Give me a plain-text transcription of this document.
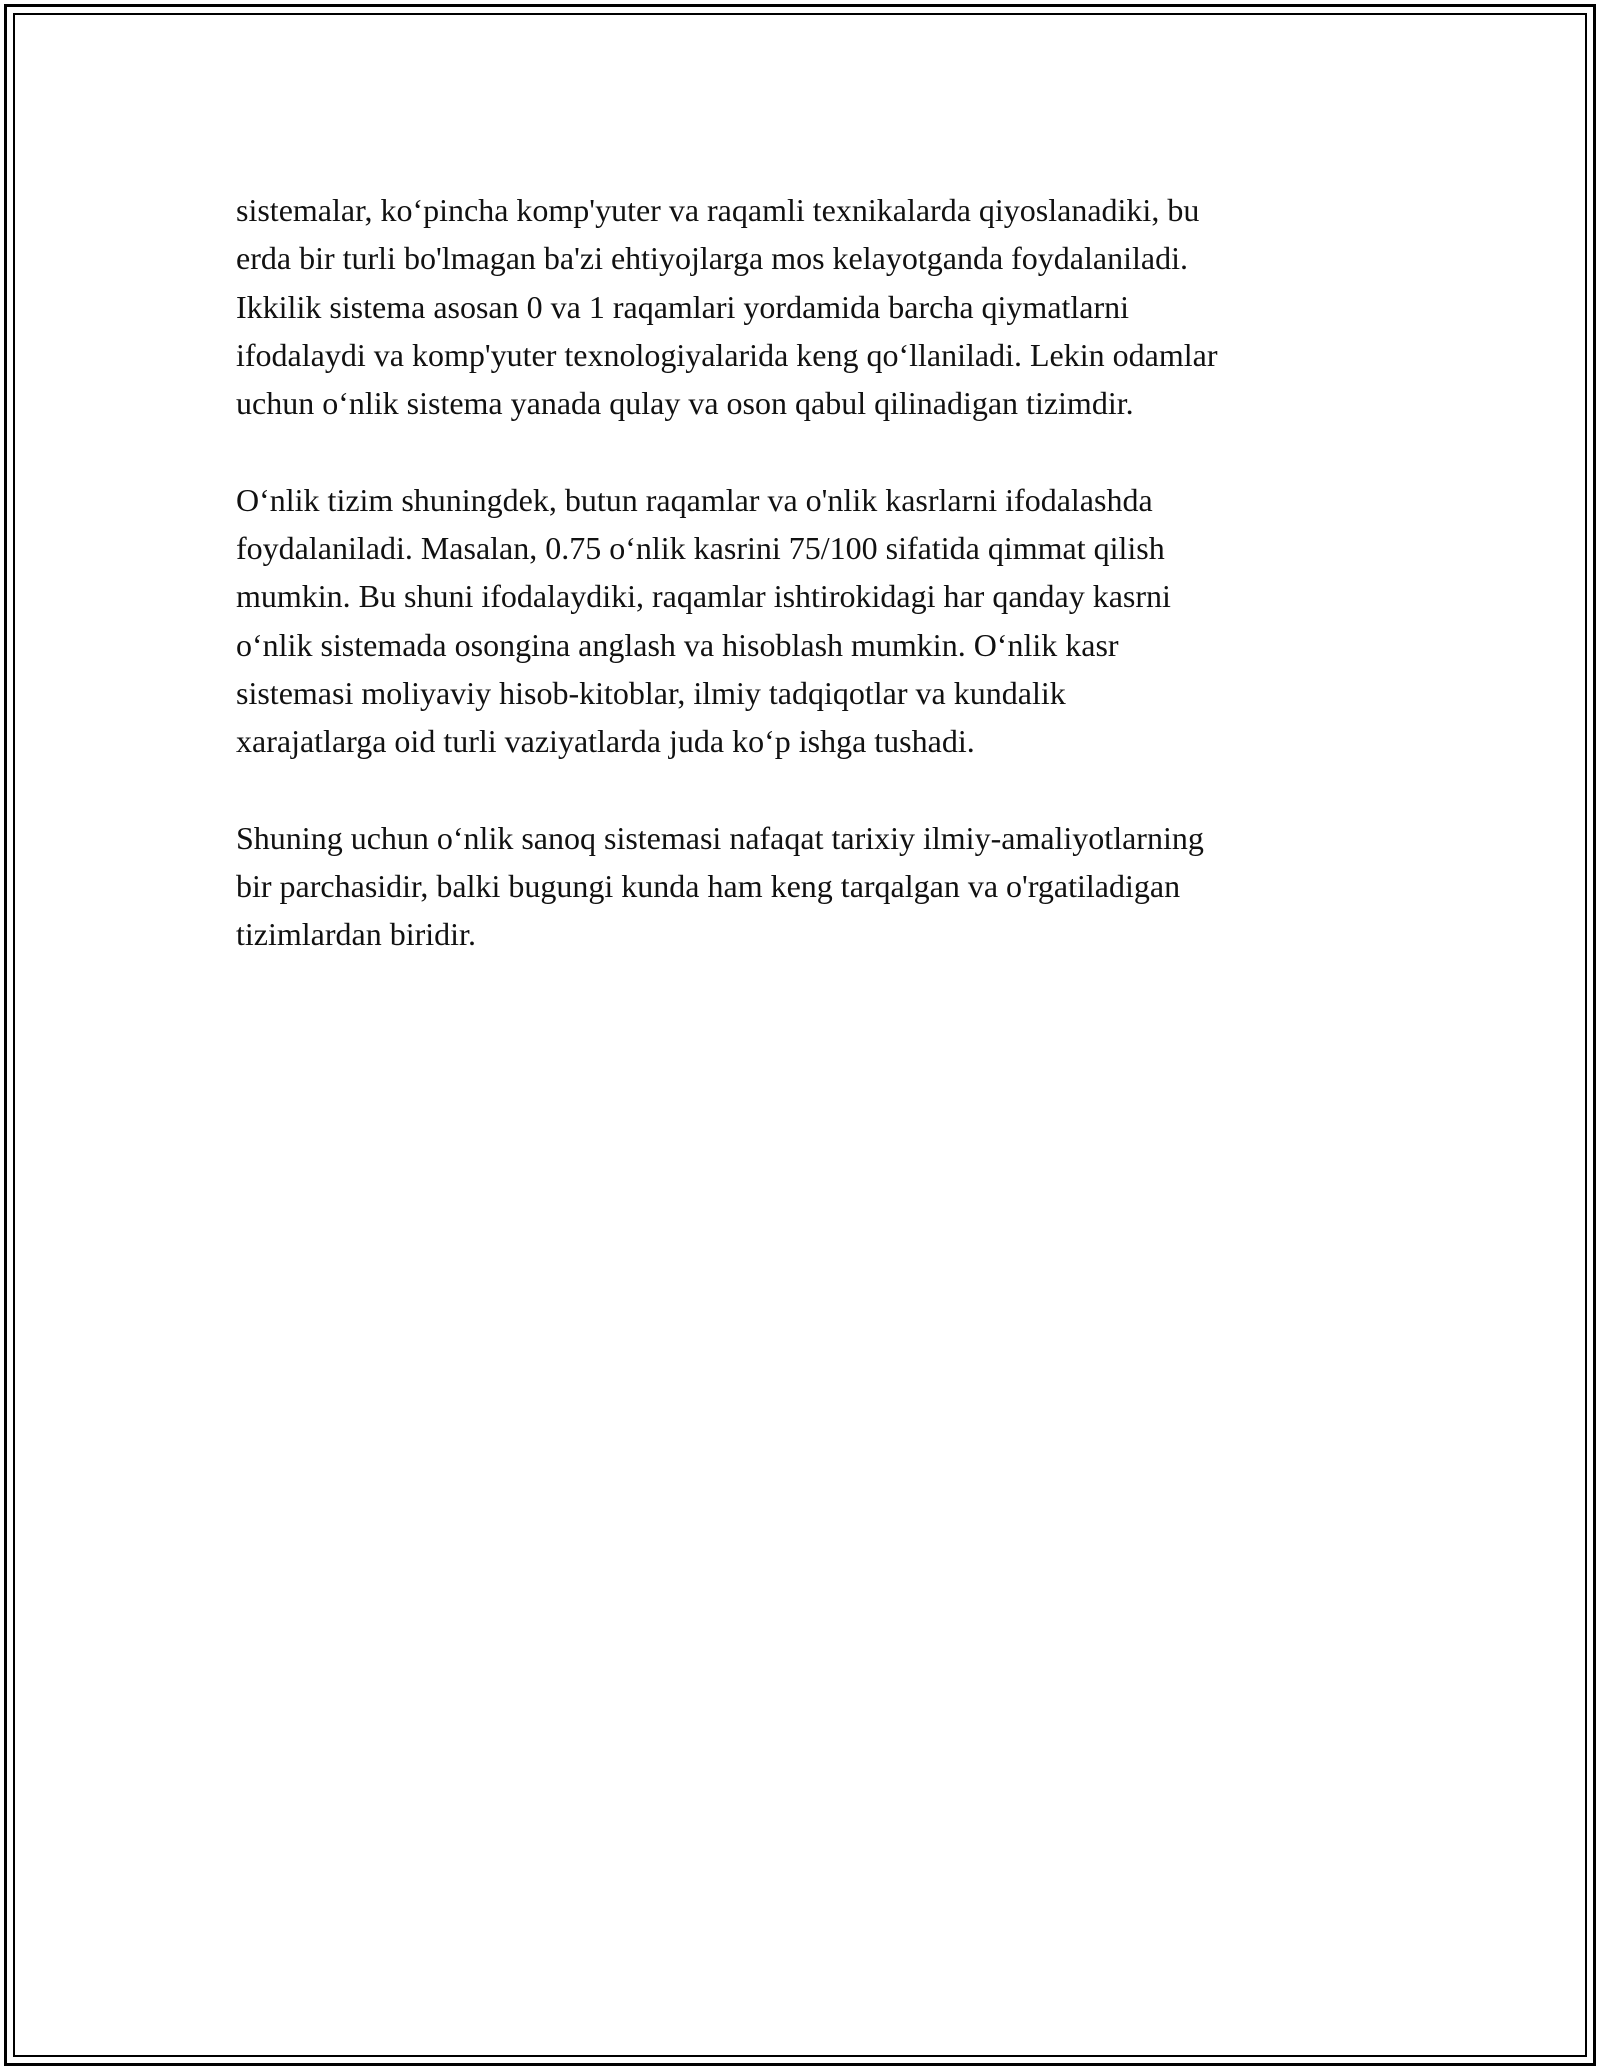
sistemalar, ko‘pincha komp'yuter va raqamli texnikalarda qiyoslanadiki, bu
erda bir turli bo'lmagan ba'zi ehtiyojlarga mos kelayotganda foydalaniladi.
Ikkilik sistema asosan 0 va 1 raqamlari yordamida barcha qiymatlarni
ifodalaydi va komp'yuter texnologiyalarida keng qo‘llaniladi. Lekin odamlar
uchun o‘nlik sistema yanada qulay va oson qabul qilinadigan tizimdir.

O‘nlik tizim shuningdek, butun raqamlar va o'nlik kasrlarni ifodalashda
foydalaniladi. Masalan, 0.75 o‘nlik kasrini 75/100 sifatida qimmat qilish
mumkin. Bu shuni ifodalaydiki, raqamlar ishtirokidagi har qanday kasrni
o‘nlik sistemada osongina anglash va hisoblash mumkin. O‘nlik kasr
sistemasi moliyaviy hisob-kitoblar, ilmiy tadqiqotlar va kundalik
xarajatlarga oid turli vaziyatlarda juda ko‘p ishga tushadi.

Shuning uchun o‘nlik sanoq sistemasi nafaqat tarixiy ilmiy-amaliyotlarning
bir parchasidir, balki bugungi kunda ham keng tarqalgan va o'rgatiladigan
tizimlardan biridir.
